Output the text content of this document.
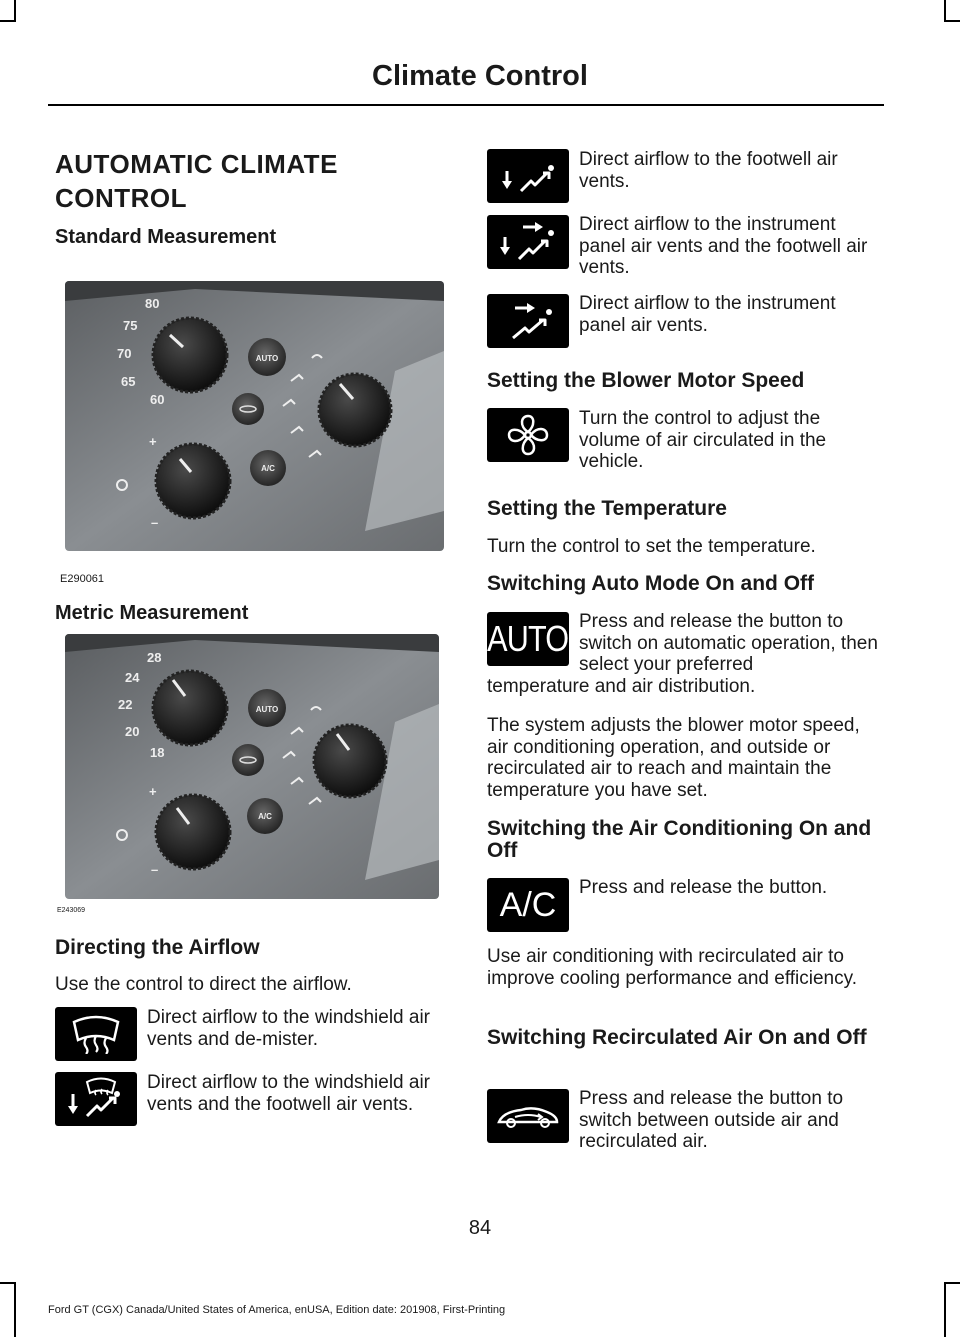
Climate Control
AUTOMATIC CLIMATE
CONTROL
Standard Measurement
80
75
70
65
60
+
–
AUTO
A/C
E290061
Metric Measurement
28
24
22
20
18
+
–
AUTO
A/C
E243069
Directing the Airflow

Use the control to direct the airflow.

Direct airflow to the windshield air vents and de-mister.
Direct airflow to the windshield air vents and the footwell air vents.
Direct airflow to the footwell air vents.
Direct airflow to the instrument panel air vents and the footwell air vents.
Direct airflow to the instrument panel air vents.
Setting the Blower Motor Speed
Turn the control to adjust the volume of air circulated in the vehicle.
Setting the Temperature

Turn the control to set the temperature.

Switching Auto Mode On and Off
AUTO Press and release the button to switch on automatic operation, then select your preferred

temperature and air distribution.

The system adjusts the blower motor speed, air conditioning operation, and outside or recirculated air to reach and maintain the temperature you have set.

Switching the Air Conditioning On and Off
A/C Press and release the button.

Use air conditioning with recirculated air to improve cooling performance and efficiency.

Switching Recirculated Air On and Off
Press and release the button to switch between outside air and recirculated air.
84
Ford GT (CGX) Canada/United States of America, enUSA, Edition date: 201908, First-Printing
